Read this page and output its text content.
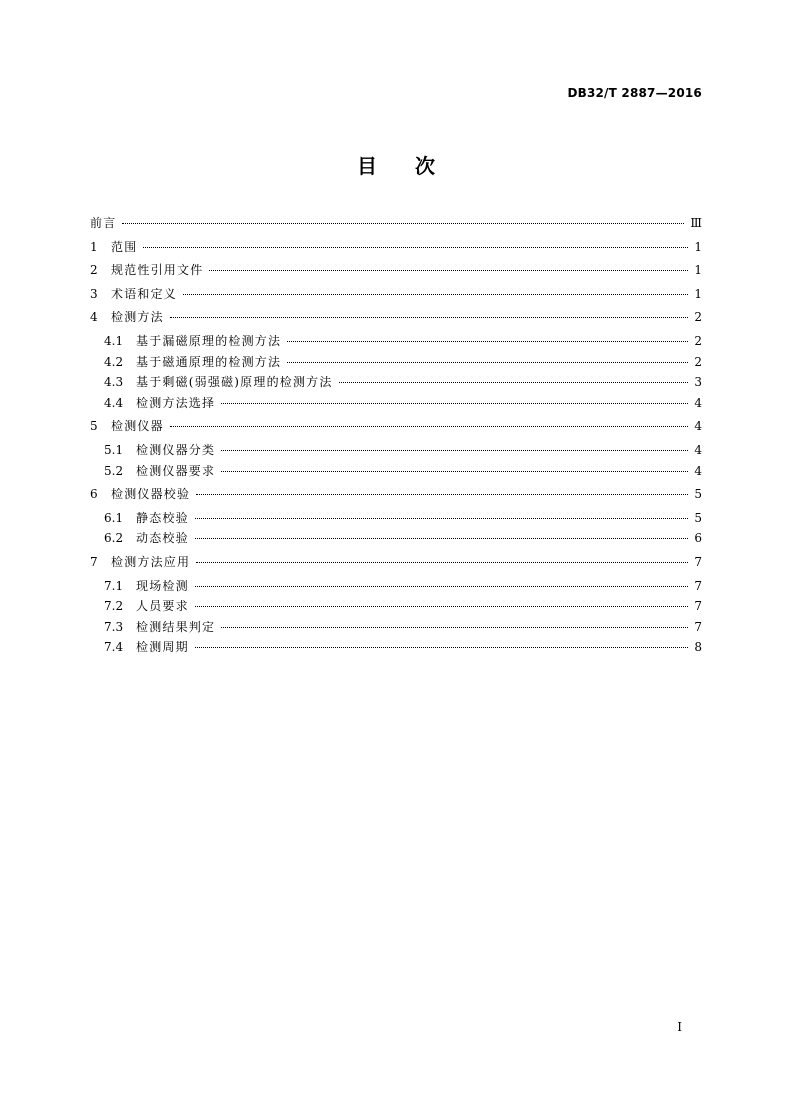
DB32/T 2887—2016
目次
前言	Ⅲ
1	范围	1
2	规范性引用文件	1
3	术语和定义	1
4	检测方法	2
4.1	基于漏磁原理的检测方法	2
4.2	基于磁通原理的检测方法	2
4.3	基于剩磁(弱强磁)原理的检测方法	3
4.4	检测方法选择	4
5	检测仪器	4
5.1	检测仪器分类	4
5.2	检测仪器要求	4
6	检测仪器校验	5
6.1	静态校验	5
6.2	动态校验	6
7	检测方法应用	7
7.1	现场检测	7
7.2	人员要求	7
7.3	检测结果判定	7
7.4	检测周期	8
I
